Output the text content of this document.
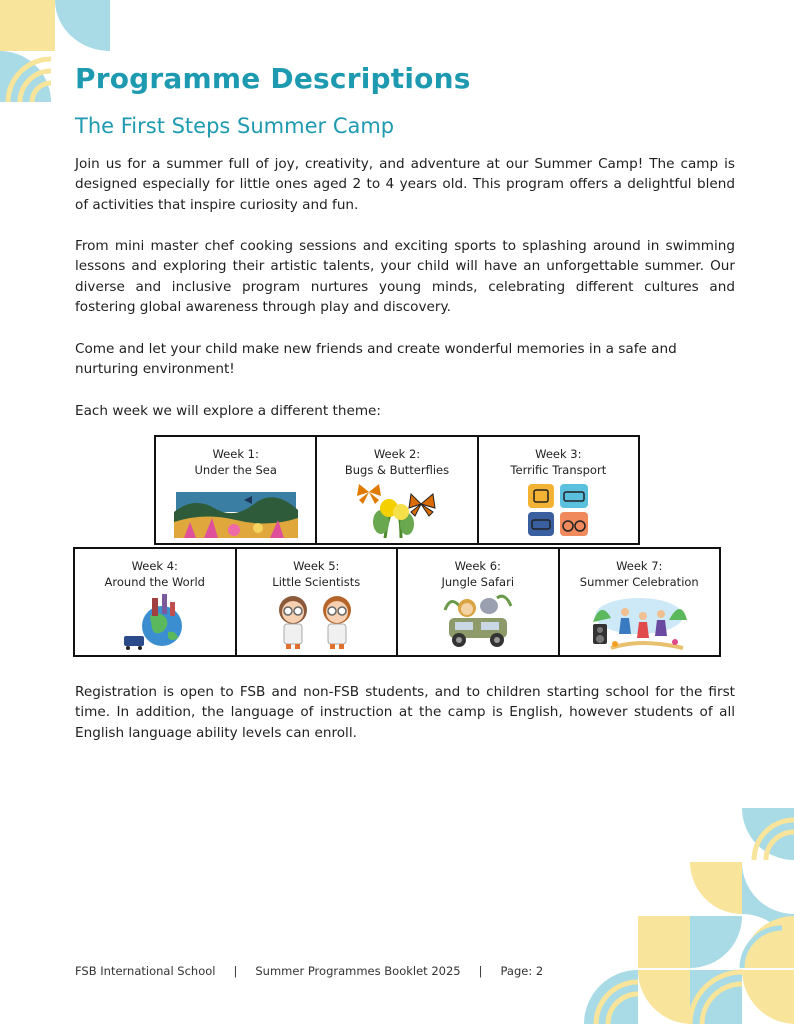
Programme Descriptions
The First Steps Summer Camp

Join us for a summer full of joy, creativity, and adventure at our Summer Camp! The camp is designed especially for little ones aged 2 to 4 years old. This program offers a delightful blend of activities that inspire curiosity and fun.

From mini master chef cooking sessions and exciting sports to splashing around in swimming lessons and exploring their artistic talents, your child will have an unforgettable summer. Our diverse and inclusive program nurtures young minds, celebrating different cultures and fostering global awareness through play and discovery.

Come and let your child make new friends and create wonderful memories in a safe and nurturing environment!

Each week we will explore a different theme:

Week 1:
Under the Sea
Week 2:
Bugs & Butterflies
Week 3:
Terrific Transport
Week 4:
Around the World
Week 5:
Little Scientists
Week 6:
Jungle Safari
Week 7:
Summer Celebration

Registration is open to FSB and non-FSB students, and to children starting school for the first time. In addition, the language of instruction at the camp is English, however students of all English language ability levels can enroll.

FSB International School | Summer Programmes Booklet 2025 | Page: 2
